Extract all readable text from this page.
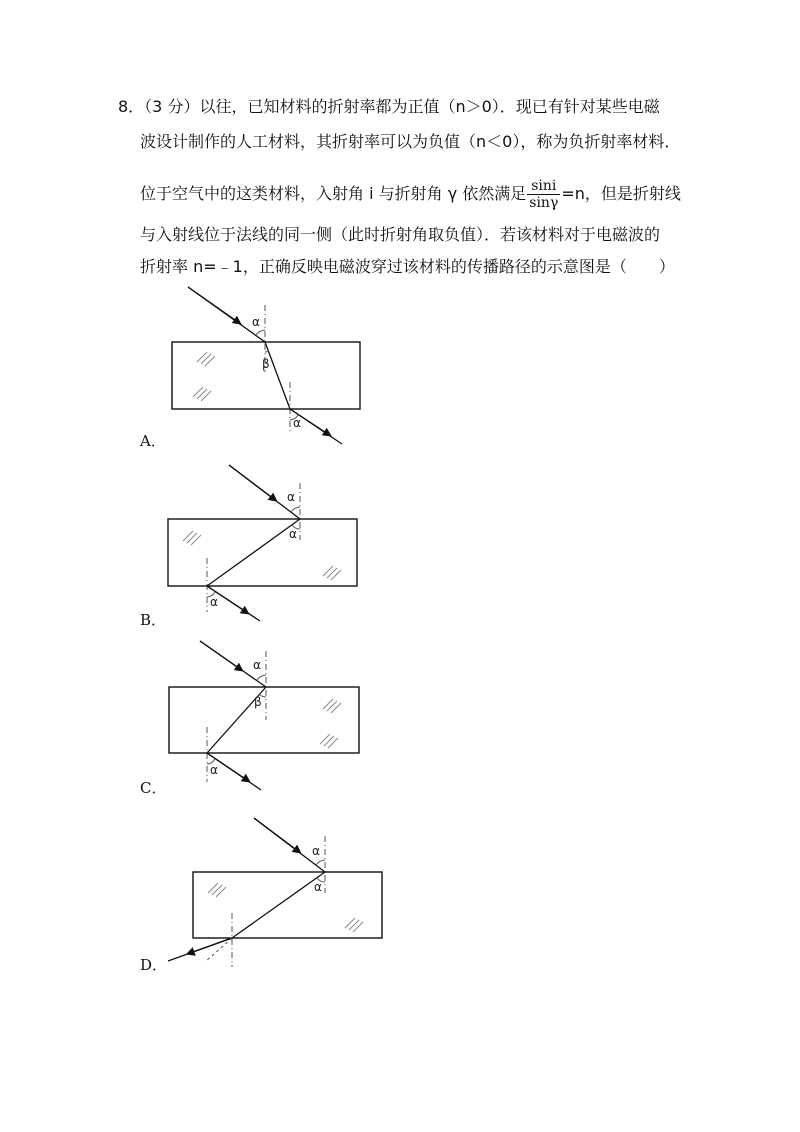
8．（3 分）以往，已知材料的折射率都为正值（n＞0）．现已有针对某些电磁
波设计制作的人工材料，其折射率可以为负值（n＜0），称为负折射率材料．
位于空气中的这类材料，入射角 i 与折射角 γ 依然满足 $\frac{\sin i}{\sin\gamma} =n$，但是折射线
与入射线位于法线的同一侧（此时折射角取负值）．若该材料对于电磁波的
折射率 n=﹣1，正确反映电磁波穿过该材料的传播路径的示意图是（　　）
A．
B．
C．
D．
α
β
α
α
α
α
α
β
α
α
α
